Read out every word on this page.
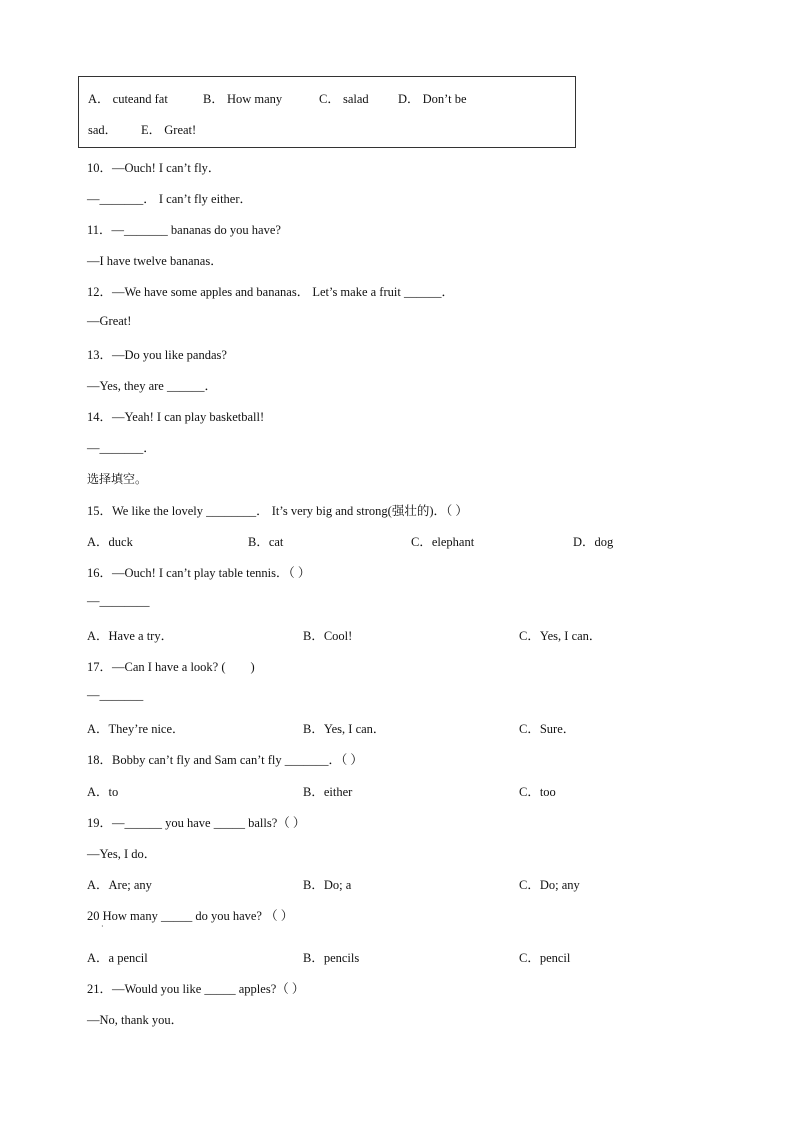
A． cuteand fat	B． How many	C． salad D． Don’t be
sad． E． Great!
10．—Ouch! I can’t fly．
—_______． I can’t fly either．
11．—_______ bananas do you have?
—I have twelve bananas．
12．—We have some apples and bananas． Let’s make a fruit ______．
—Great!
13．—Do you like pandas?
—Yes, they are ______．
14．—Yeah! I can play basketball!
—_______．
选择填空。
15．We like the lovely ________． It’s very big and strong(强壮的)．（ ）
A．duck	B．cat	C．elephant	D．dog
16．—Ouch! I can’t play table tennis．（ ）
—________
A．Have a try．	B．Cool!	C．Yes, I can．
17．—Can I have a look? (　　)
—_______
A．They’re nice．	B．Yes, I can．	C．Sure．
18．Bobby can’t fly and Sam can’t fly _______．（ ）
A．to	B．either	C．too
19．—______ you have _____ balls?（ ）
—Yes, I do．
A．Are; any	B．Do; a	C．Do; any
20 How many _____ do you have? （ ）
·
A．a pencil	B．pencils	C．pencil
21．—Would you like _____ apples?（ ）
—No, thank you．
